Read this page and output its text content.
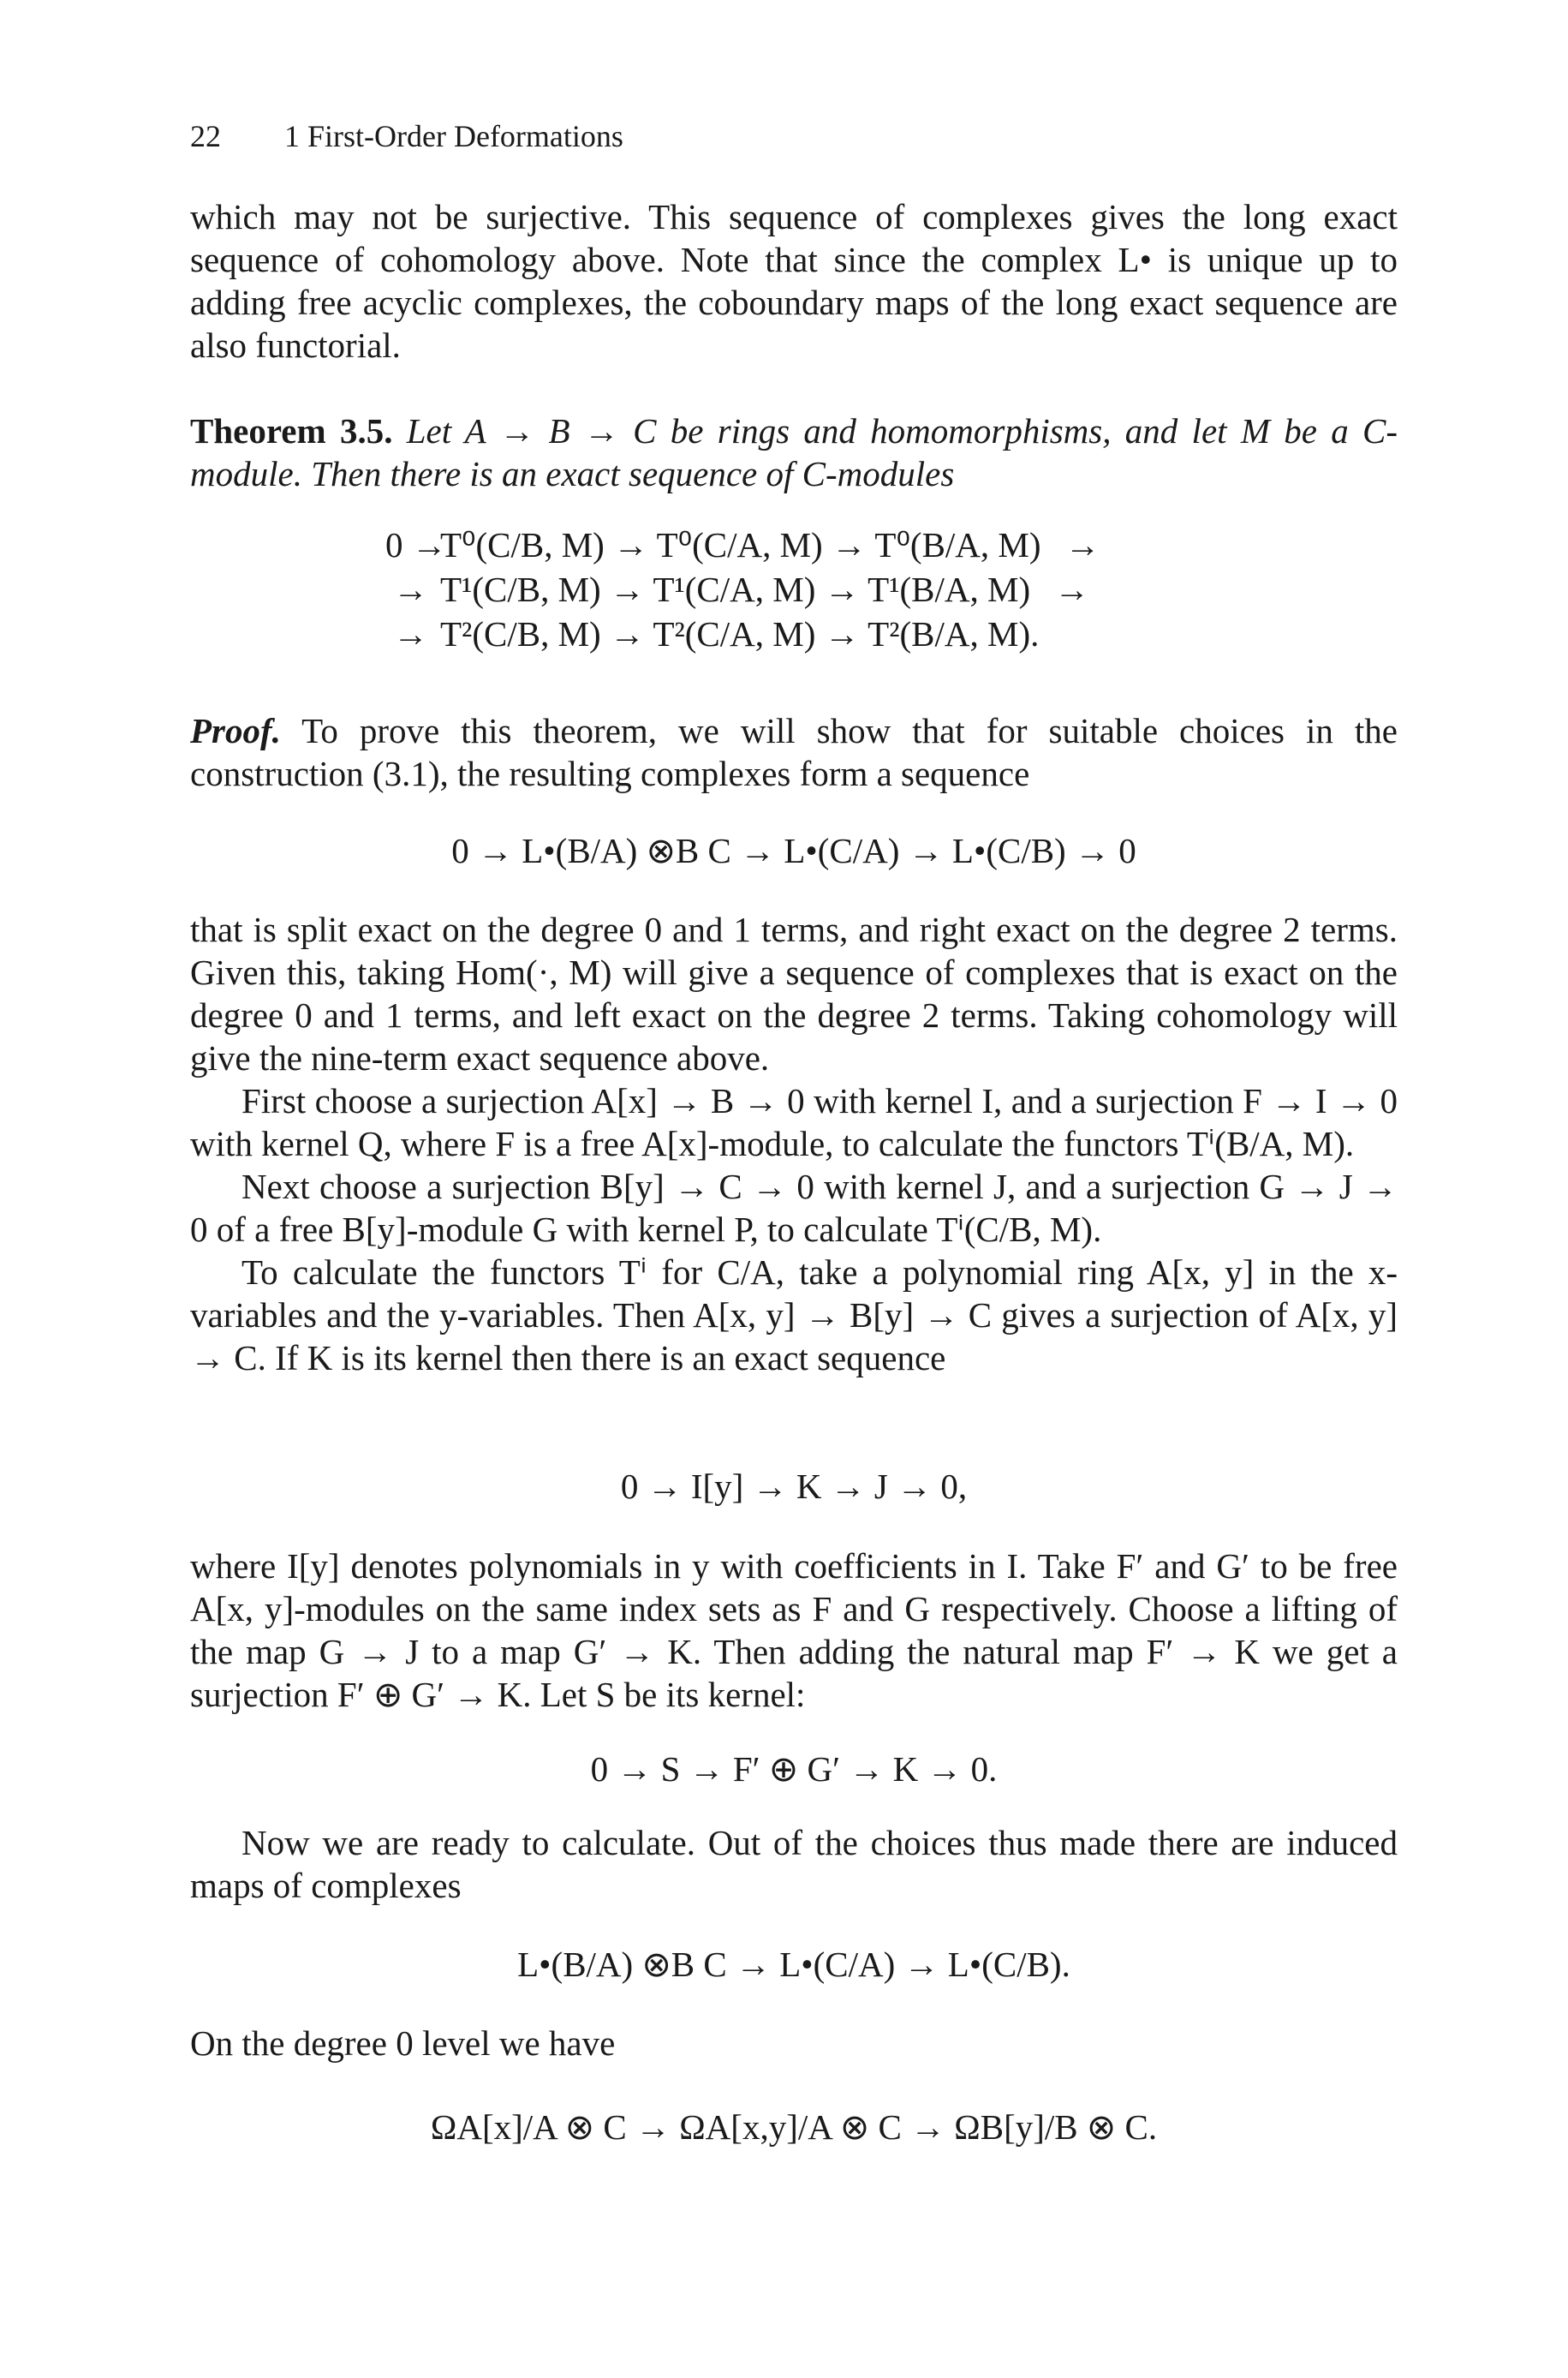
22 1 First-Order Deformations

which may not be surjective. This sequence of complexes gives the long exact sequence of cohomology above. Note that since the complex L• is unique up to adding free acyclic complexes, the coboundary maps of the long exact sequence are also functorial.

Theorem 3.5. Let A → B → C be rings and homomorphisms, and let M be a C-module. Then there is an exact sequence of C-modules

0 →T⁰(C/B, M) → T⁰(C/A, M) → T⁰(B/A, M) →
→ T¹(C/B, M) → T¹(C/A, M) → T¹(B/A, M) →
→ T²(C/B, M) → T²(C/A, M) → T²(B/A, M).

Proof. To prove this theorem, we will show that for suitable choices in the construction (3.1), the resulting complexes form a sequence

0 → L•(B/A) ⊗B C → L•(C/A) → L•(C/B) → 0

that is split exact on the degree 0 and 1 terms, and right exact on the degree 2 terms. Given this, taking Hom(·, M) will give a sequence of complexes that is exact on the degree 0 and 1 terms, and left exact on the degree 2 terms. Taking cohomology will give the nine-term exact sequence above.

First choose a surjection A[x] → B → 0 with kernel I, and a surjection F → I → 0 with kernel Q, where F is a free A[x]-module, to calculate the functors Tⁱ(B/A, M).

Next choose a surjection B[y] → C → 0 with kernel J, and a surjection G → J → 0 of a free B[y]-module G with kernel P, to calculate Tⁱ(C/B, M).

To calculate the functors Tⁱ for C/A, take a polynomial ring A[x, y] in the x-variables and the y-variables. Then A[x, y] → B[y] → C gives a surjection of A[x, y] → C. If K is its kernel then there is an exact sequence

0 → I[y] → K → J → 0,

where I[y] denotes polynomials in y with coefficients in I. Take F′ and G′ to be free A[x, y]-modules on the same index sets as F and G respectively. Choose a lifting of the map G → J to a map G′ → K. Then adding the natural map F′ → K we get a surjection F′ ⊕ G′ → K. Let S be its kernel:

0 → S → F′ ⊕ G′ → K → 0.

Now we are ready to calculate. Out of the choices thus made there are induced maps of complexes

L•(B/A) ⊗B C → L•(C/A) → L•(C/B).

On the degree 0 level we have

ΩA[x]/A ⊗ C → ΩA[x,y]/A ⊗ C → ΩB[y]/B ⊗ C.
